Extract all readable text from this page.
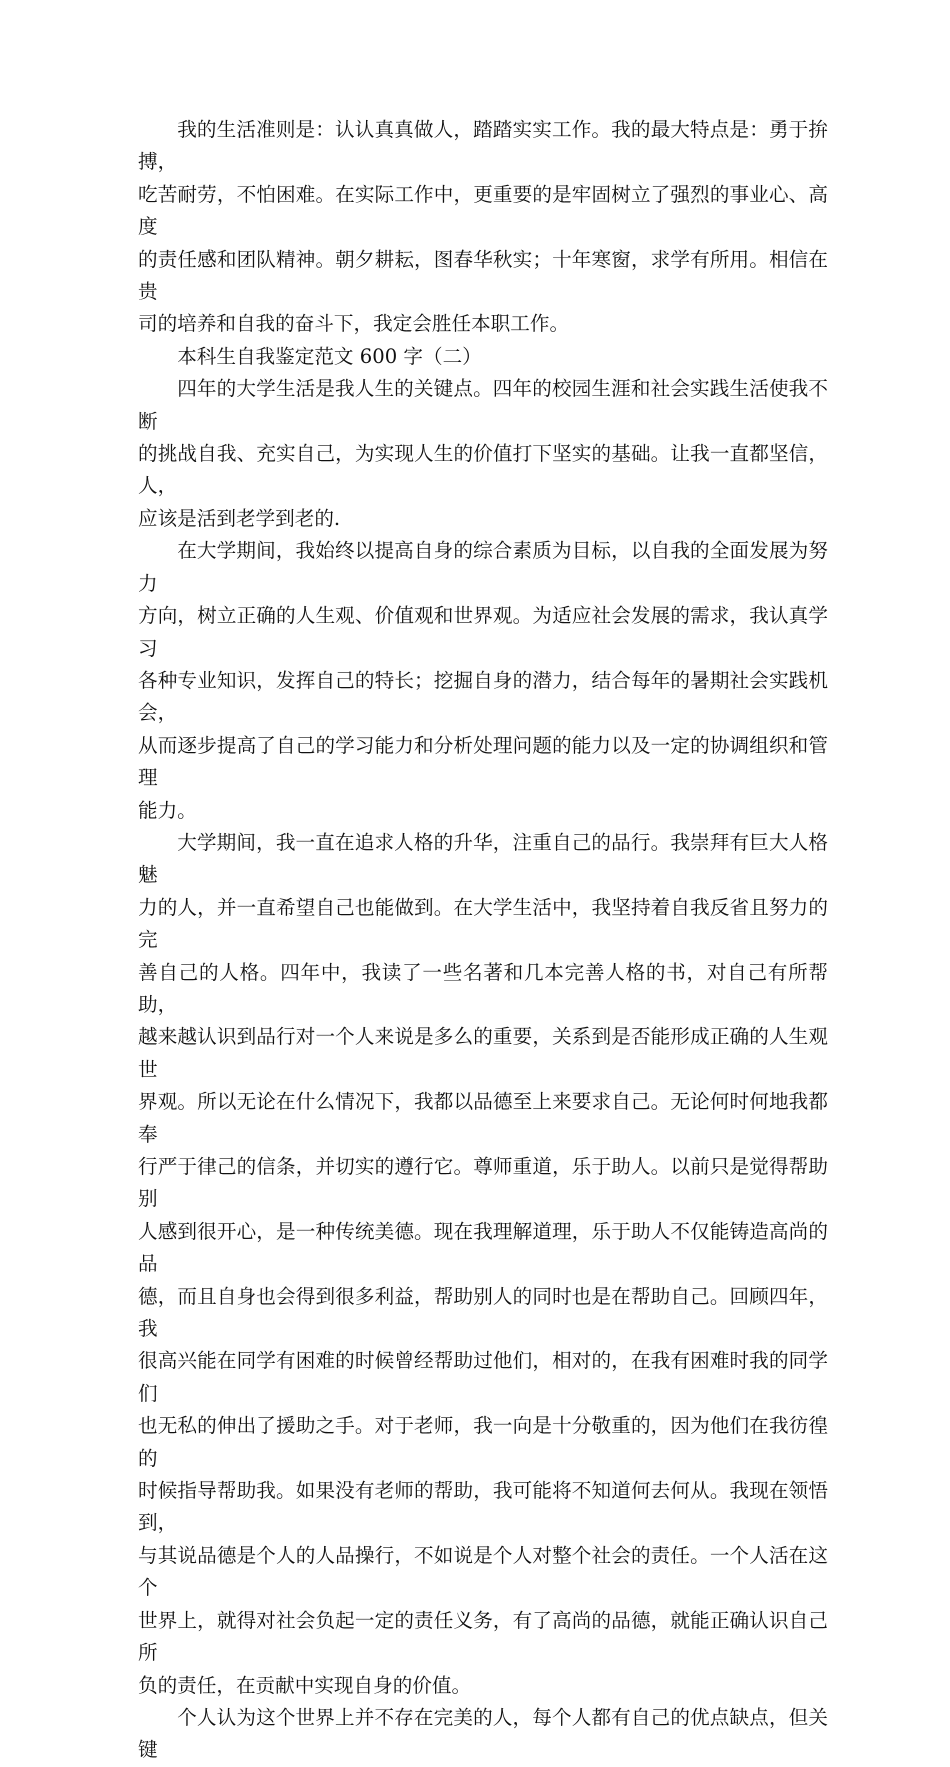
我的生活准则是：认认真真做人，踏踏实实工作。我的最大特点是：勇于拚搏，
吃苦耐劳，不怕困难。在实际工作中，更重要的是牢固树立了强烈的事业心、高度
的责任感和团队精神。朝夕耕耘，图春华秋实；十年寒窗，求学有所用。相信在贵
司的培养和自我的奋斗下，我定会胜任本职工作。

本科生自我鉴定范文 600 字（二）

四年的大学生活是我人生的关键点。四年的校园生涯和社会实践生活使我不断
的挑战自我、充实自己，为实现人生的价值打下坚实的基础。让我一直都坚信，人，
应该是活到老学到老的.

在大学期间，我始终以提高自身的综合素质为目标，以自我的全面发展为努力
方向，树立正确的人生观、价值观和世界观。为适应社会发展的需求，我认真学习
各种专业知识，发挥自己的特长；挖掘自身的潜力，结合每年的暑期社会实践机会，
从而逐步提高了自己的学习能力和分析处理问题的能力以及一定的协调组织和管理
能力。

大学期间，我一直在追求人格的升华，注重自己的品行。我崇拜有巨大人格魅
力的人，并一直希望自己也能做到。在大学生活中，我坚持着自我反省且努力的完
善自己的人格。四年中，我读了一些名著和几本完善人格的书，对自己有所帮助，
越来越认识到品行对一个人来说是多么的重要，关系到是否能形成正确的人生观世
界观。所以无论在什么情况下，我都以品德至上来要求自己。无论何时何地我都奉
行严于律己的信条，并切实的遵行它。尊师重道，乐于助人。以前只是觉得帮助别
人感到很开心，是一种传统美德。现在我理解道理，乐于助人不仅能铸造高尚的品
德，而且自身也会得到很多利益，帮助别人的同时也是在帮助自己。回顾四年，我
很高兴能在同学有困难的时候曾经帮助过他们，相对的，在我有困难时我的同学们
也无私的伸出了援助之手。对于老师，我一向是十分敬重的，因为他们在我彷徨的
时候指导帮助我。如果没有老师的帮助，我可能将不知道何去何从。我现在领悟到，
与其说品德是个人的人品操行，不如说是个人对整个社会的责任。一个人活在这个
世界上，就得对社会负起一定的责任义务，有了高尚的品德，就能正确认识自己所
负的责任，在贡献中实现自身的价值。

个人认为这个世界上并不存在完美的人，每个人都有自己的优点缺点，但关键
